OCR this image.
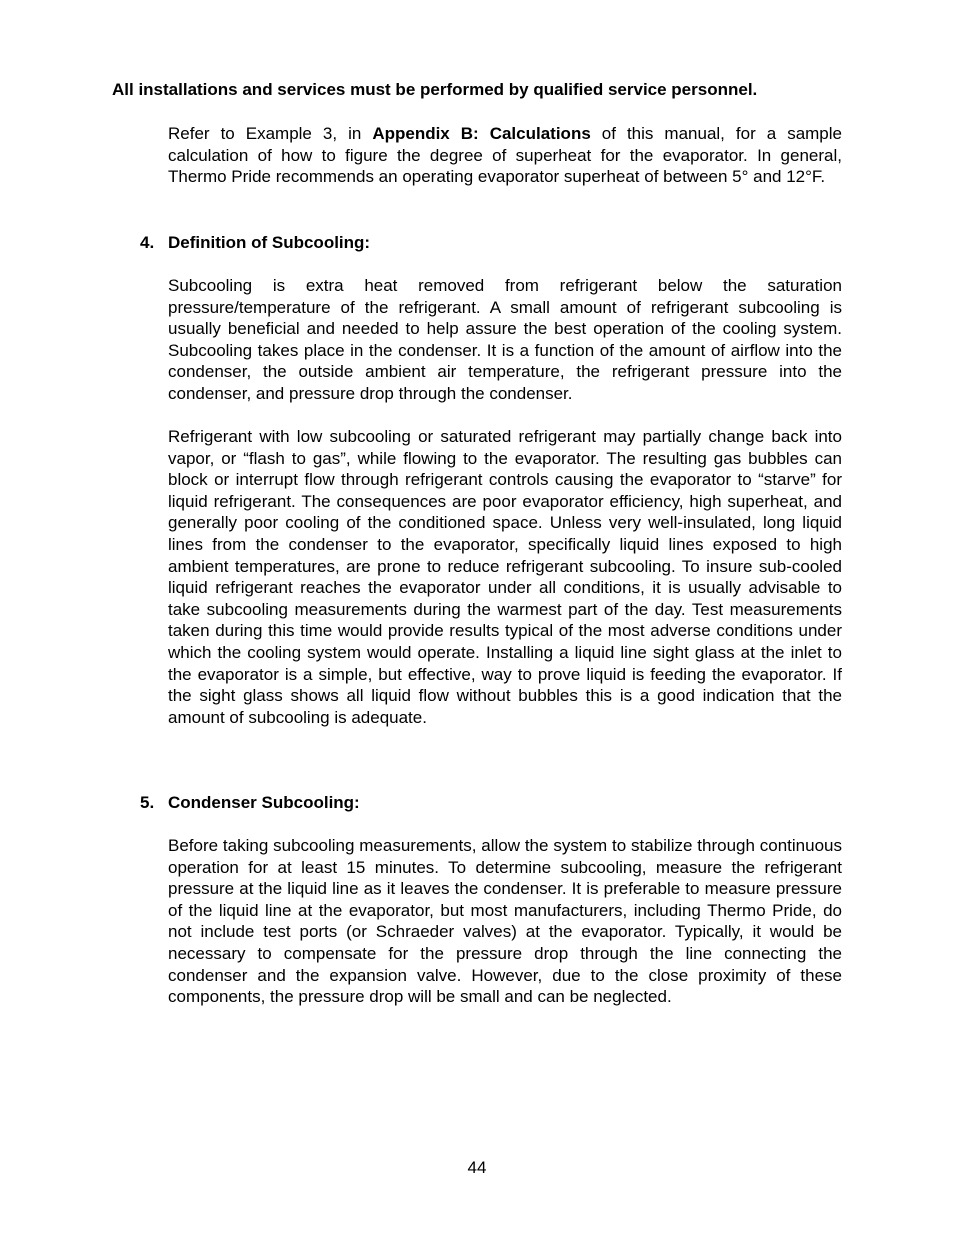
All installations and services must be performed by qualified service personnel.
Refer to Example 3, in Appendix B: Calculations of this manual, for a sample calculation of how to figure the degree of superheat for the evaporator. In general, Thermo Pride recommends an operating evaporator superheat of between 5° and 12°F.
4. Definition of Subcooling:
Subcooling is extra heat removed from refrigerant below the saturation pressure/temperature of the refrigerant. A small amount of refrigerant subcooling is usually beneficial and needed to help assure the best operation of the cooling system. Subcooling takes place in the condenser. It is a function of the amount of airflow into the condenser, the outside ambient air temperature, the refrigerant pressure into the condenser, and pressure drop through the condenser.
Refrigerant with low subcooling or saturated refrigerant may partially change back into vapor, or “flash to gas”, while flowing to the evaporator. The resulting gas bubbles can block or interrupt flow through refrigerant controls causing the evaporator to “starve” for liquid refrigerant. The consequences are poor evaporator efficiency, high superheat, and generally poor cooling of the conditioned space. Unless very well-insulated, long liquid lines from the condenser to the evaporator, specifically liquid lines exposed to high ambient temperatures, are prone to reduce refrigerant subcooling. To insure sub-cooled liquid refrigerant reaches the evaporator under all conditions, it is usually advisable to take subcooling measurements during the warmest part of the day. Test measurements taken during this time would provide results typical of the most adverse conditions under which the cooling system would operate. Installing a liquid line sight glass at the inlet to the evaporator is a simple, but effective, way to prove liquid is feeding the evaporator. If the sight glass shows all liquid flow without bubbles this is a good indication that the amount of subcooling is adequate.
5. Condenser Subcooling:
Before taking subcooling measurements, allow the system to stabilize through continuous operation for at least 15 minutes. To determine subcooling, measure the refrigerant pressure at the liquid line as it leaves the condenser. It is preferable to measure pressure of the liquid line at the evaporator, but most manufacturers, including Thermo Pride, do not include test ports (or Schraeder valves) at the evaporator. Typically, it would be necessary to compensate for the pressure drop through the line connecting the condenser and the expansion valve. However, due to the close proximity of these components, the pressure drop will be small and can be neglected.
44
